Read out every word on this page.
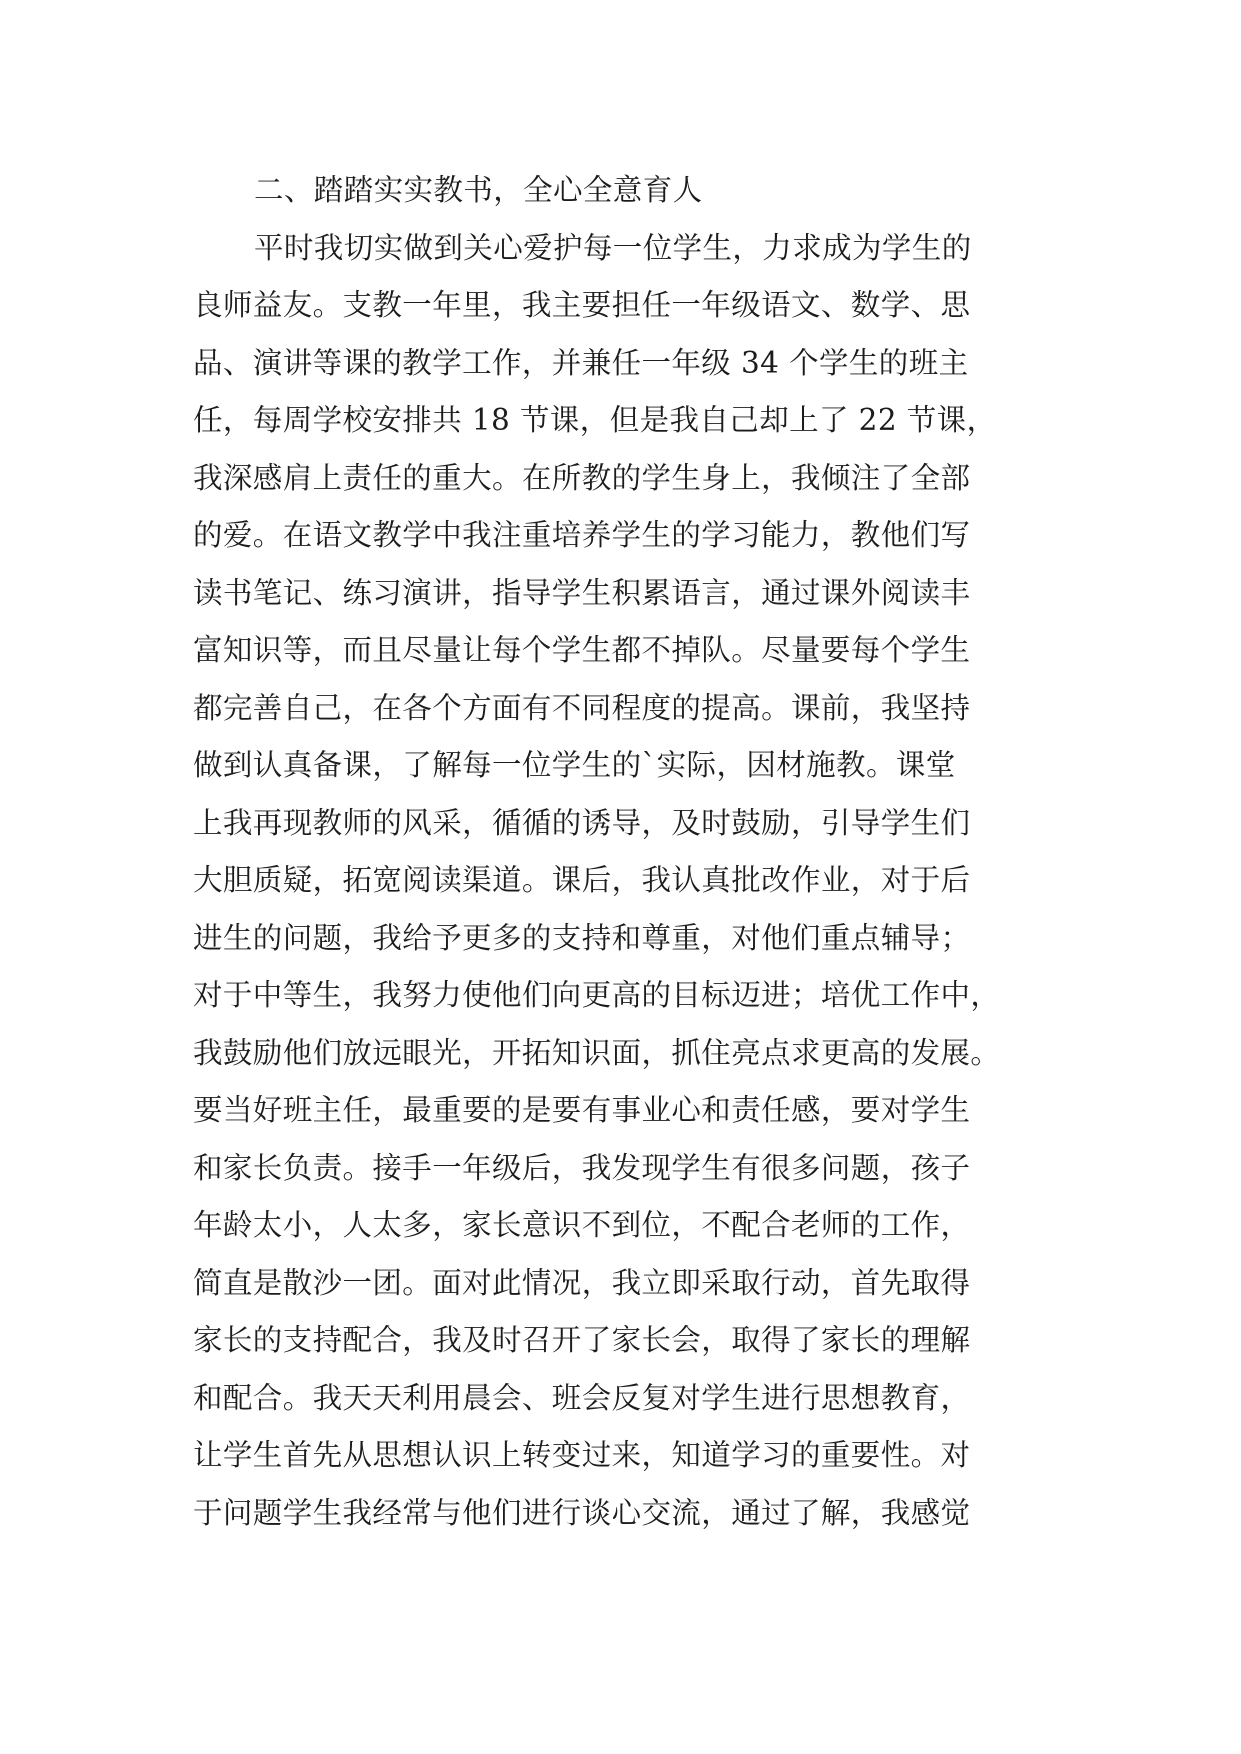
二、踏踏实实教书，全心全意育人
平时我切实做到关心爱护每一位学生，力求成为学生的
良师益友。支教一年里，我主要担任一年级语文、数学、思
品、演讲等课的教学工作，并兼任一年级 34 个学生的班主
任，每周学校安排共 18 节课，但是我自己却上了 22 节课，
我深感肩上责任的重大。在所教的学生身上，我倾注了全部
的爱。在语文教学中我注重培养学生的学习能力，教他们写
读书笔记、练习演讲，指导学生积累语言，通过课外阅读丰
富知识等，而且尽量让每个学生都不掉队。尽量要每个学生
都完善自己，在各个方面有不同程度的提高。课前，我坚持
做到认真备课，了解每一位学生的`实际，因材施教。课堂
上我再现教师的风采，循循的诱导，及时鼓励，引导学生们
大胆质疑，拓宽阅读渠道。课后，我认真批改作业，对于后
进生的问题，我给予更多的支持和尊重，对他们重点辅导；
对于中等生，我努力使他们向更高的目标迈进；培优工作中，
我鼓励他们放远眼光，开拓知识面，抓住亮点求更高的发展。
要当好班主任，最重要的是要有事业心和责任感，要对学生
和家长负责。接手一年级后，我发现学生有很多问题，孩子
年龄太小，人太多，家长意识不到位，不配合老师的工作，
简直是散沙一团。面对此情况，我立即采取行动，首先取得
家长的支持配合，我及时召开了家长会，取得了家长的理解
和配合。我天天利用晨会、班会反复对学生进行思想教育，
让学生首先从思想认识上转变过来，知道学习的重要性。对
于问题学生我经常与他们进行谈心交流，通过了解，我感觉
